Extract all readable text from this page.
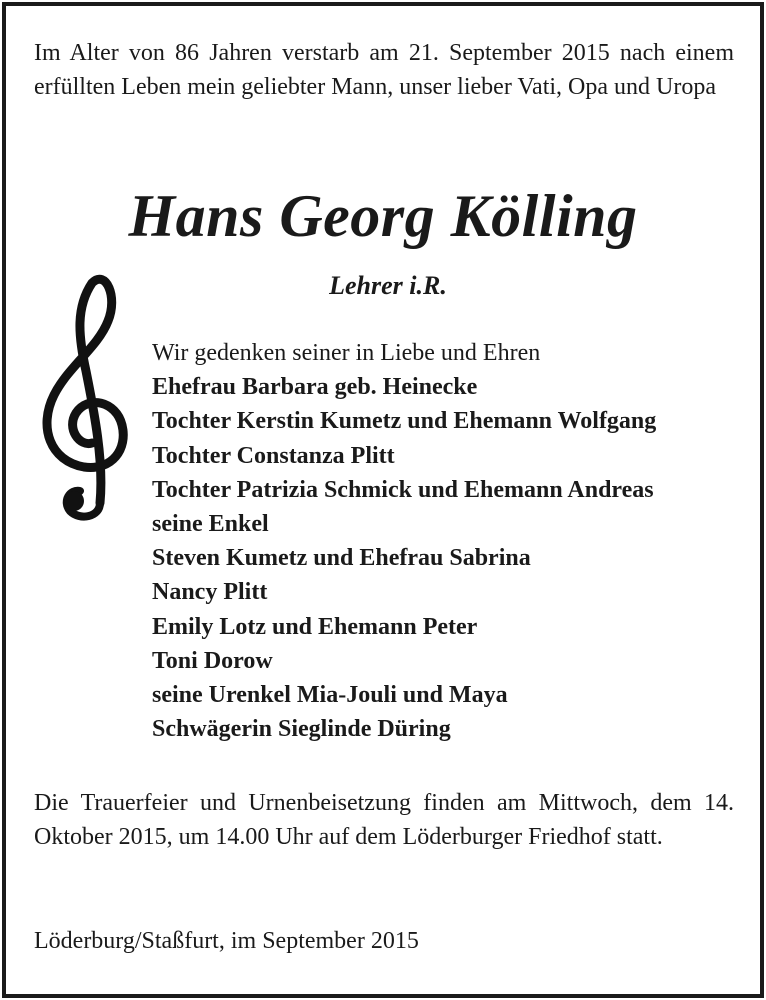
Im Alter von 86 Jahren verstarb am 21. September 2015 nach einem erfüllten Leben mein geliebter Mann, unser lieber Vati, Opa und Uropa

Hans Georg Kölling
Lehrer i.R.
Wir gedenken seiner in Liebe und Ehren
Ehefrau Barbara geb. Heinecke
Tochter Kerstin Kumetz und Ehemann Wolfgang
Tochter Constanza Plitt
Tochter Patrizia Schmick und Ehemann Andreas
seine Enkel
Steven Kumetz und Ehefrau Sabrina
Nancy Plitt
Emily Lotz und Ehemann Peter
Toni Dorow
seine Urenkel Mia-Jouli und Maya
Schwägerin Sieglinde Düring

Die Trauerfeier und Urnenbeisetzung finden am Mittwoch, dem 14. Oktober 2015, um 14.00 Uhr auf dem Löderburger Friedhof statt.

Löderburg/Staßfurt, im September 2015
